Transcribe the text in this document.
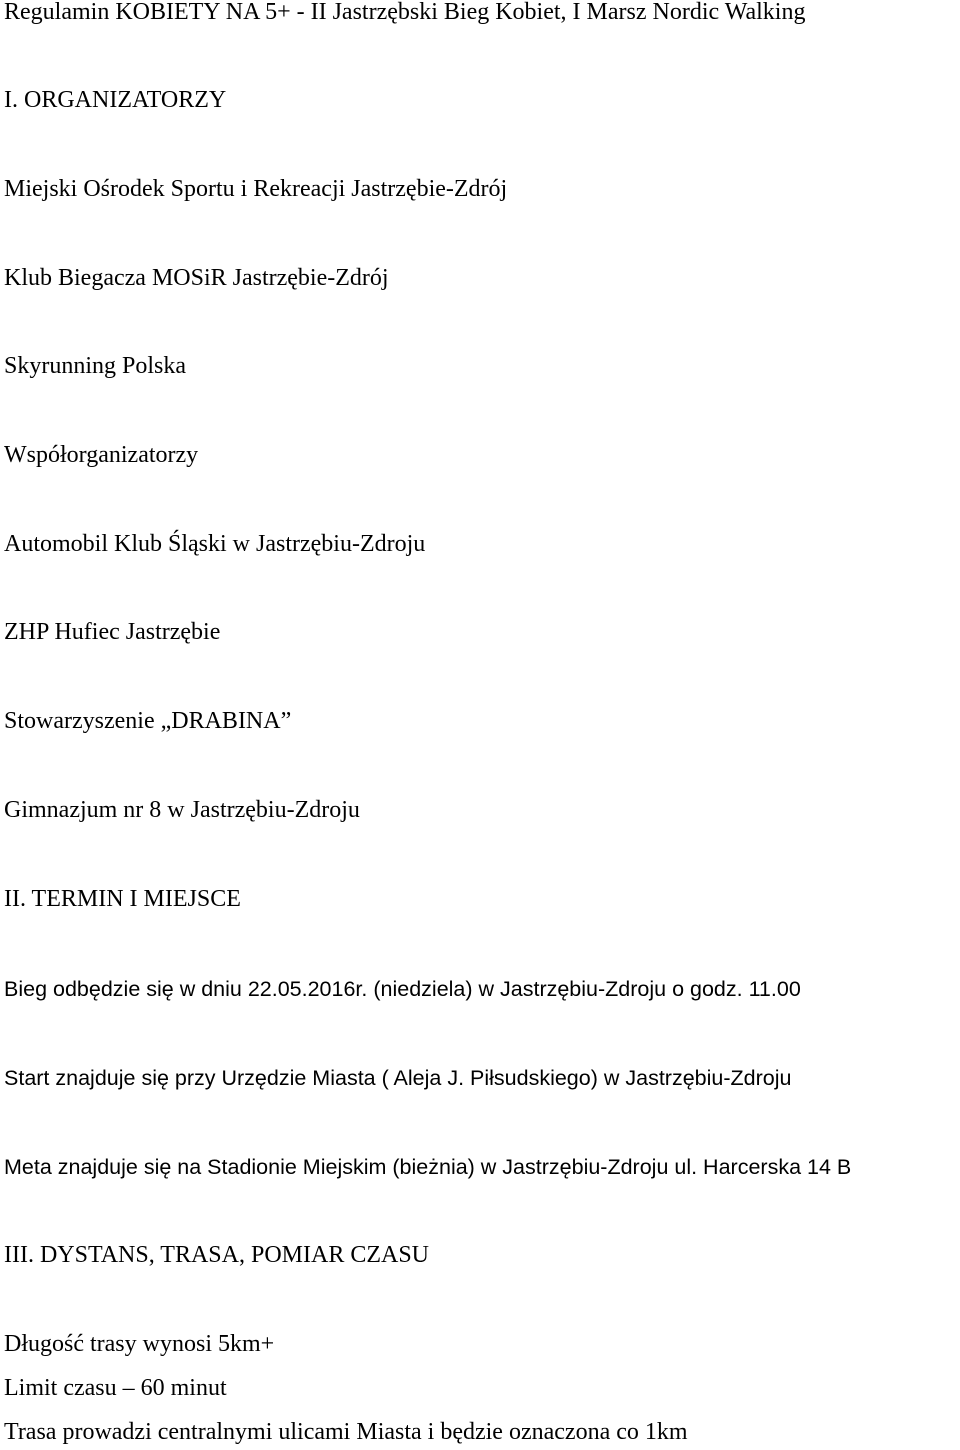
Regulamin KOBIETY NA 5+ - II Jastrzębski Bieg Kobiet, I Marsz Nordic Walking

I. ORGANIZATORZY

Miejski Ośrodek Sportu i Rekreacji Jastrzębie-Zdrój

Klub Biegacza MOSiR Jastrzębie-Zdrój

Skyrunning Polska

Współorganizatorzy

Automobil Klub Śląski w Jastrzębiu-Zdroju

ZHP Hufiec Jastrzębie

Stowarzyszenie „DRABINA”

Gimnazjum nr 8 w Jastrzębiu-Zdroju

II. TERMIN I MIEJSCE

Bieg odbędzie się w dniu 22.05.2016r. (niedziela) w Jastrzębiu-Zdroju o godz. 11.00

Start znajduje się przy Urzędzie Miasta ( Aleja J. Piłsudskiego) w Jastrzębiu-Zdroju

Meta znajduje się na Stadionie Miejskim (bieżnia) w Jastrzębiu-Zdroju ul. Harcerska 14 B

III. DYSTANS, TRASA, POMIAR CZASU

Długość trasy wynosi 5km+

Limit czasu – 60 minut

Trasa prowadzi centralnymi ulicami Miasta i będzie oznaczona co 1km
